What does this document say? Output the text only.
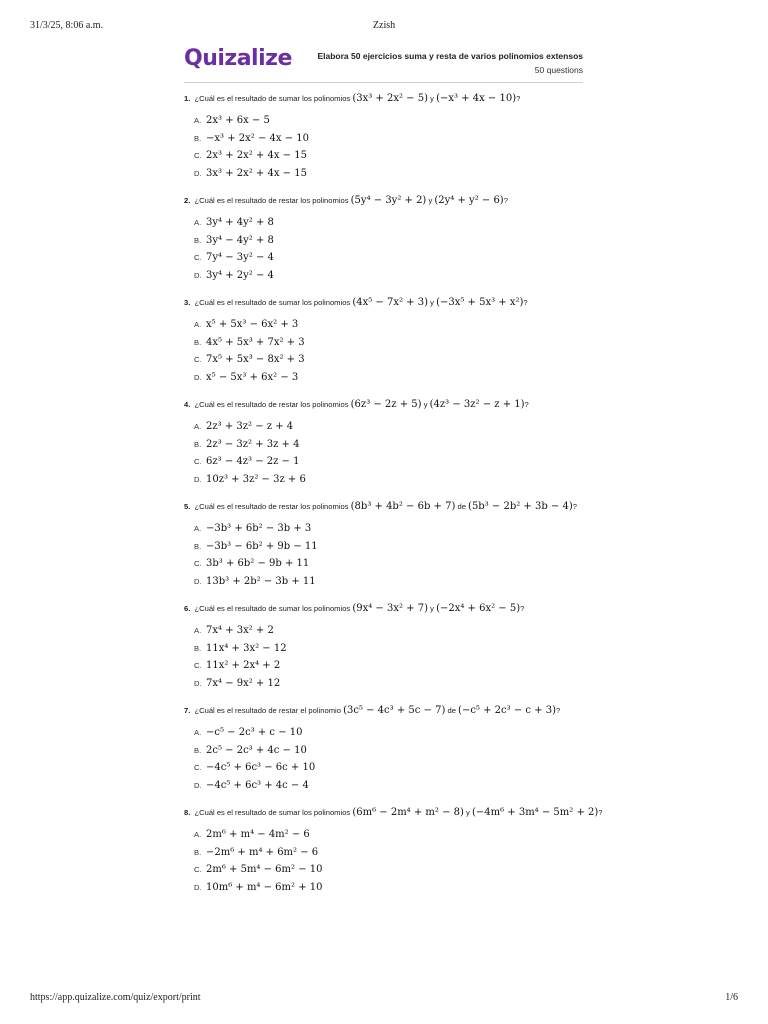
31/3/25, 8:06 a.m.	Zzish
Quizalize	Elabora 50 ejercicios suma y resta de varios polinomios extensos
50 questions
1. ¿Cuál es el resultado de sumar los polinomios (3x³ + 2x² − 5) y (−x³ + 4x − 10)?
A. 2x³ + 6x − 5
B. −x³ + 2x² − 4x − 10
C. 2x³ + 2x² + 4x − 15
D. 3x³ + 2x² + 4x − 15
2. ¿Cuál es el resultado de restar los polinomios (5y⁴ − 3y² + 2) y (2y⁴ + y² − 6)?
A. 3y⁴ + 4y² + 8
B. 3y⁴ − 4y² + 8
C. 7y⁴ − 3y² − 4
D. 3y⁴ + 2y² − 4
3. ¿Cuál es el resultado de sumar los polinomios (4x⁵ − 7x² + 3) y (−3x⁵ + 5x³ + x²)?
A. x⁵ + 5x³ − 6x² + 3
B. 4x⁵ + 5x³ + 7x² + 3
C. 7x⁵ + 5x³ − 8x² + 3
D. x⁵ − 5x³ + 6x² − 3
4. ¿Cuál es el resultado de restar los polinomios (6z³ − 2z + 5) y (4z³ − 3z² − z + 1)?
A. 2z³ + 3z² − z + 4
B. 2z³ − 3z² + 3z + 4
C. 6z³ − 4z³ − 2z − 1
D. 10z³ + 3z² − 3z + 6
5. ¿Cuál es el resultado de restar los polinomios (8b³ + 4b² − 6b + 7) de (5b³ − 2b² + 3b − 4)?
A. −3b³ + 6b² − 3b + 3
B. −3b³ − 6b² + 9b − 11
C. 3b³ + 6b² − 9b + 11
D. 13b³ + 2b² − 3b + 11
6. ¿Cuál es el resultado de sumar los polinomios (9x⁴ − 3x² + 7) y (−2x⁴ + 6x² − 5)?
A. 7x⁴ + 3x² + 2
B. 11x⁴ + 3x² − 12
C. 11x² + 2x⁴ + 2
D. 7x⁴ − 9x² + 12
7. ¿Cuál es el resultado de restar el polinomio (3c⁵ − 4c³ + 5c − 7) de (−c⁵ + 2c³ − c + 3)?
A. −c⁵ − 2c³ + c − 10
B. 2c⁵ − 2c³ + 4c − 10
C. −4c⁵ + 6c³ − 6c + 10
D. −4c⁵ + 6c³ + 4c − 4
8. ¿Cuál es el resultado de sumar los polinomios (6m⁶ − 2m⁴ + m² − 8) y (−4m⁶ + 3m⁴ − 5m² + 2)?
A. 2m⁶ + m⁴ − 4m² − 6
B. −2m⁶ + m⁴ + 6m² − 6
C. 2m⁶ + 5m⁴ − 6m² − 10
D. 10m⁶ + m⁴ − 6m² + 10
https://app.quizalize.com/quiz/export/print	1/6
